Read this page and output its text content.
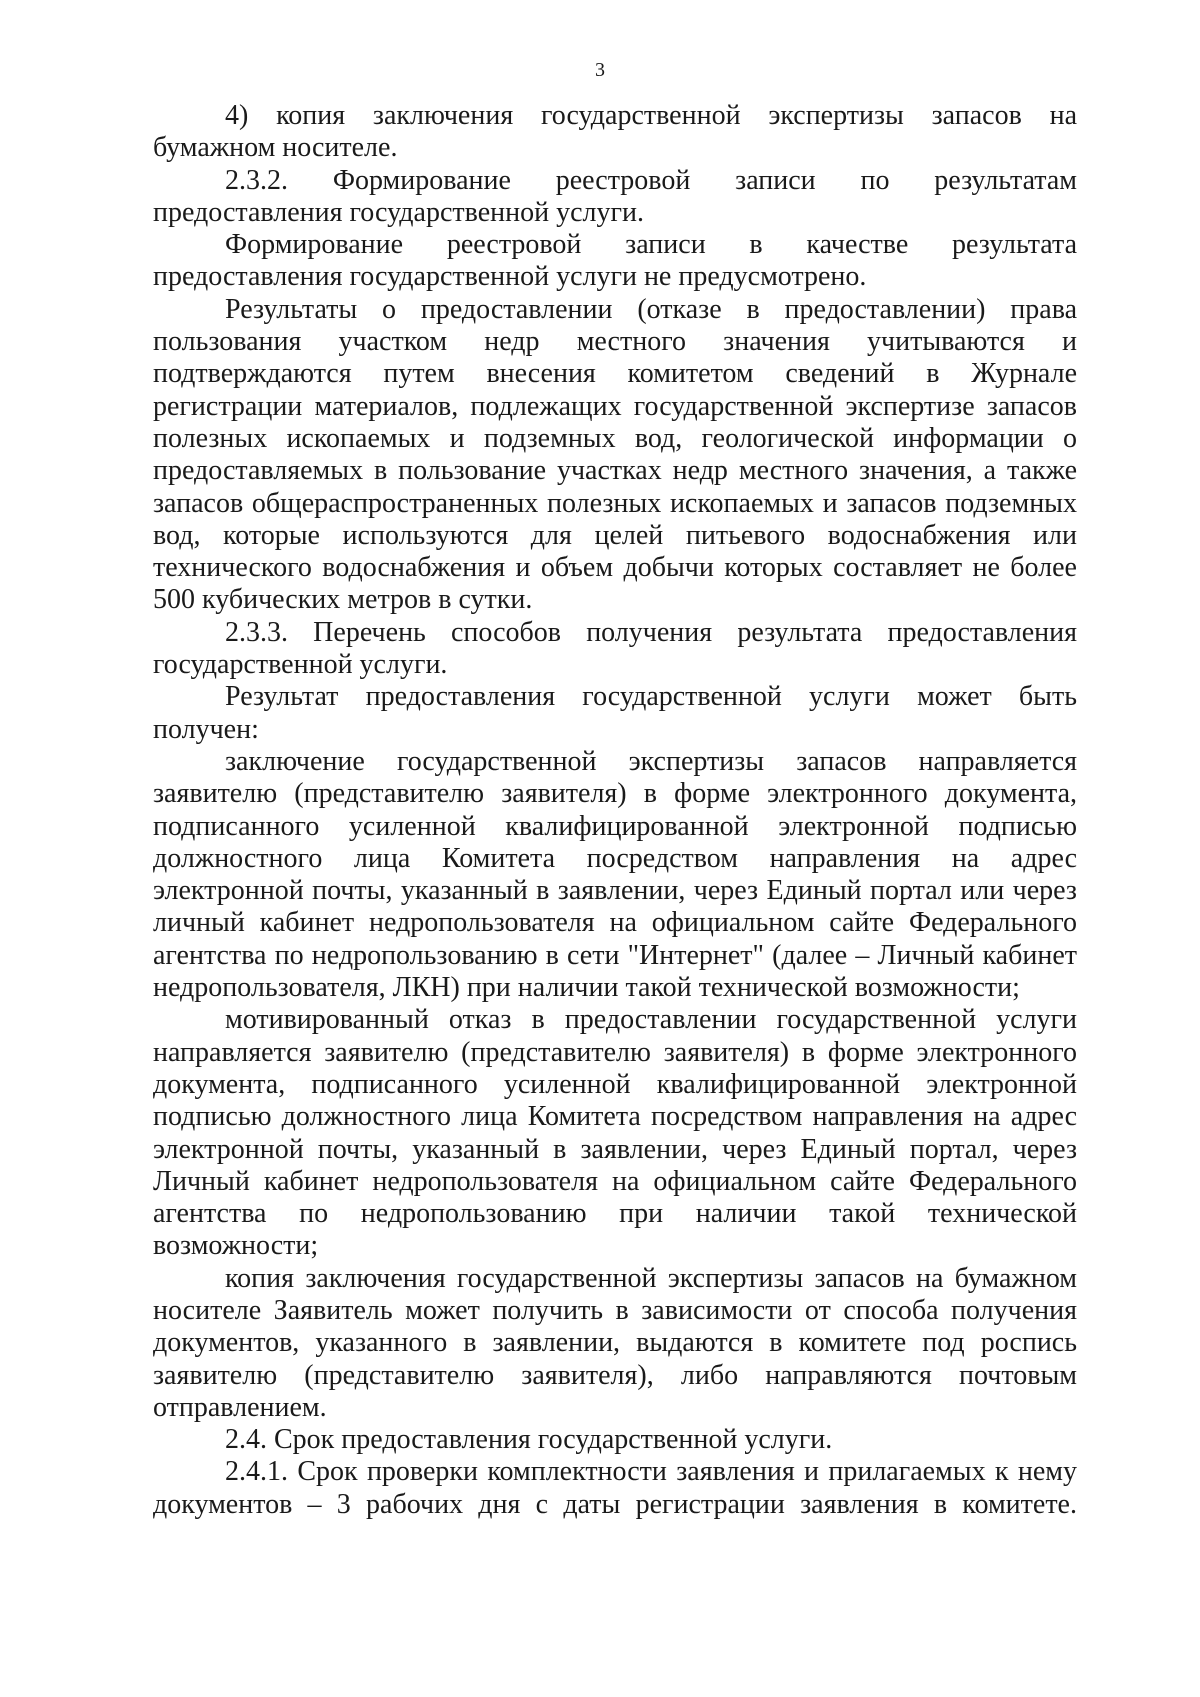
3

4) копия заключения государственной экспертизы запасов на бумажном носителе.

2.3.2. Формирование реестровой записи по результатам предоставления государственной услуги.

Формирование реестровой записи в качестве результата предоставления государственной услуги не предусмотрено.

Результаты о предоставлении (отказе в предоставлении) права пользования участком недр местного значения учитываются и подтверждаются путем внесения комитетом сведений в Журнале регистрации материалов, подлежащих государственной экспертизе запасов полезных ископаемых и подземных вод, геологической информации о предоставляемых в пользование участках недр местного значения, а также запасов общераспространенных полезных ископаемых и запасов подземных вод, которые используются для целей питьевого водоснабжения или технического водоснабжения и объем добычи которых составляет не более 500 кубических метров в сутки.

2.3.3. Перечень способов получения результата предоставления государственной услуги.

Результат предоставления государственной услуги может быть получен:

заключение государственной экспертизы запасов направляется заявителю (представителю заявителя) в форме электронного документа, подписанного усиленной квалифицированной электронной подписью должностного лица Комитета посредством направления на адрес электронной почты, указанный в заявлении, через Единый портал или через личный кабинет недропользователя на официальном сайте Федерального агентства по недропользованию в сети "Интернет" (далее – Личный кабинет недропользователя, ЛКН) при наличии такой технической возможности;

мотивированный отказ в предоставлении государственной услуги направляется заявителю (представителю заявителя) в форме электронного документа, подписанного усиленной квалифицированной электронной подписью должностного лица Комитета посредством направления на адрес электронной почты, указанный в заявлении, через Единый портал, через Личный кабинет недропользователя на официальном сайте Федерального агентства по недропользованию при наличии такой технической возможности;

копия заключения государственной экспертизы запасов на бумажном носителе Заявитель может получить в зависимости от способа получения документов, указанного в заявлении, выдаются в комитете под роспись заявителю (представителю заявителя), либо направляются почтовым отправлением.

2.4. Срок предоставления государственной услуги.

2.4.1. Срок проверки комплектности заявления и прилагаемых к нему документов – 3 рабочих дня с даты регистрации заявления в комитете.
